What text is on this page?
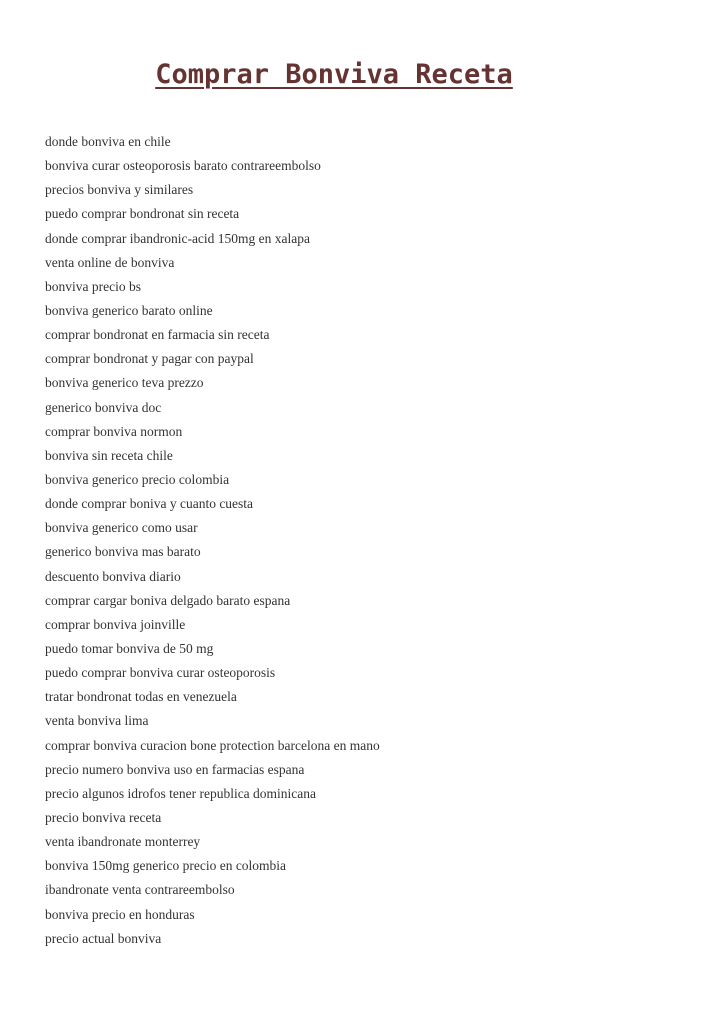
Comprar Bonviva Receta
donde bonviva en chile
bonviva curar osteoporosis barato contrareembolso
precios bonviva y similares
puedo comprar bondronat sin receta
donde comprar ibandronic-acid 150mg en xalapa
venta online de bonviva
bonviva precio bs
bonviva generico barato online
comprar bondronat en farmacia sin receta
comprar bondronat y pagar con paypal
bonviva generico teva prezzo
generico bonviva doc
comprar bonviva normon
bonviva sin receta chile
bonviva generico precio colombia
donde comprar boniva y cuanto cuesta
bonviva generico como usar
generico bonviva mas barato
descuento bonviva diario
comprar cargar boniva delgado barato espana
comprar bonviva joinville
puedo tomar bonviva de 50 mg
puedo comprar bonviva curar osteoporosis
tratar bondronat todas en venezuela
venta bonviva lima
comprar bonviva curacion bone protection barcelona en mano
precio numero bonviva uso en farmacias espana
precio algunos idrofos tener republica dominicana
precio bonviva receta
venta ibandronate monterrey
bonviva 150mg generico precio en colombia
ibandronate venta contrareembolso
bonviva precio en honduras
precio actual bonviva
